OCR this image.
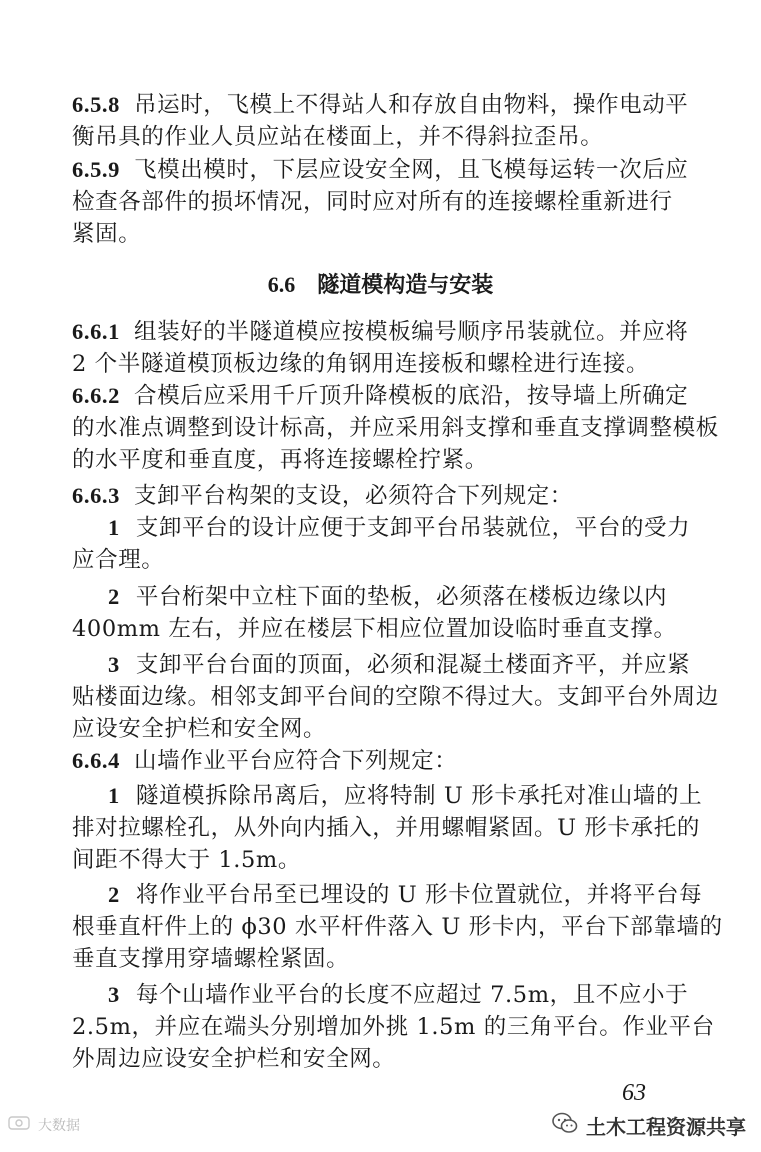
6.5.8 吊运时，飞模上不得站人和存放自由物料，操作电动平
衡吊具的作业人员应站在楼面上，并不得斜拉歪吊。
6.5.9 飞模出模时，下层应设安全网，且飞模每运转一次后应
检查各部件的损坏情况，同时应对所有的连接螺栓重新进行
紧固。
6.6 隧道模构造与安装
6.6.1 组装好的半隧道模应按模板编号顺序吊装就位。并应将
2 个半隧道模顶板边缘的角钢用连接板和螺栓进行连接。
6.6.2 合模后应采用千斤顶升降模板的底沿，按导墙上所确定
的水准点调整到设计标高，并应采用斜支撑和垂直支撑调整模板
的水平度和垂直度，再将连接螺栓拧紧。
6.6.3 支卸平台构架的支设，必须符合下列规定：
1 支卸平台的设计应便于支卸平台吊装就位，平台的受力
应合理。
2 平台桁架中立柱下面的垫板，必须落在楼板边缘以内
400mm 左右，并应在楼层下相应位置加设临时垂直支撑。
3 支卸平台台面的顶面，必须和混凝土楼面齐平，并应紧
贴楼面边缘。相邻支卸平台间的空隙不得过大。支卸平台外周边
应设安全护栏和安全网。
6.6.4 山墙作业平台应符合下列规定：
1 隧道模拆除吊离后，应将特制 U 形卡承托对准山墙的上
排对拉螺栓孔，从外向内插入，并用螺帽紧固。U 形卡承托的
间距不得大于 1.5m。
2 将作业平台吊至已埋设的 U 形卡位置就位，并将平台每
根垂直杆件上的 ϕ30 水平杆件落入 U 形卡内，平台下部靠墙的
垂直支撑用穿墙螺栓紧固。
3 每个山墙作业平台的长度不应超过 7.5m，且不应小于
2.5m，并应在端头分别增加外挑 1.5m 的三角平台。作业平台
外周边应设安全护栏和安全网。
63
土木工程资源共享
大数据
